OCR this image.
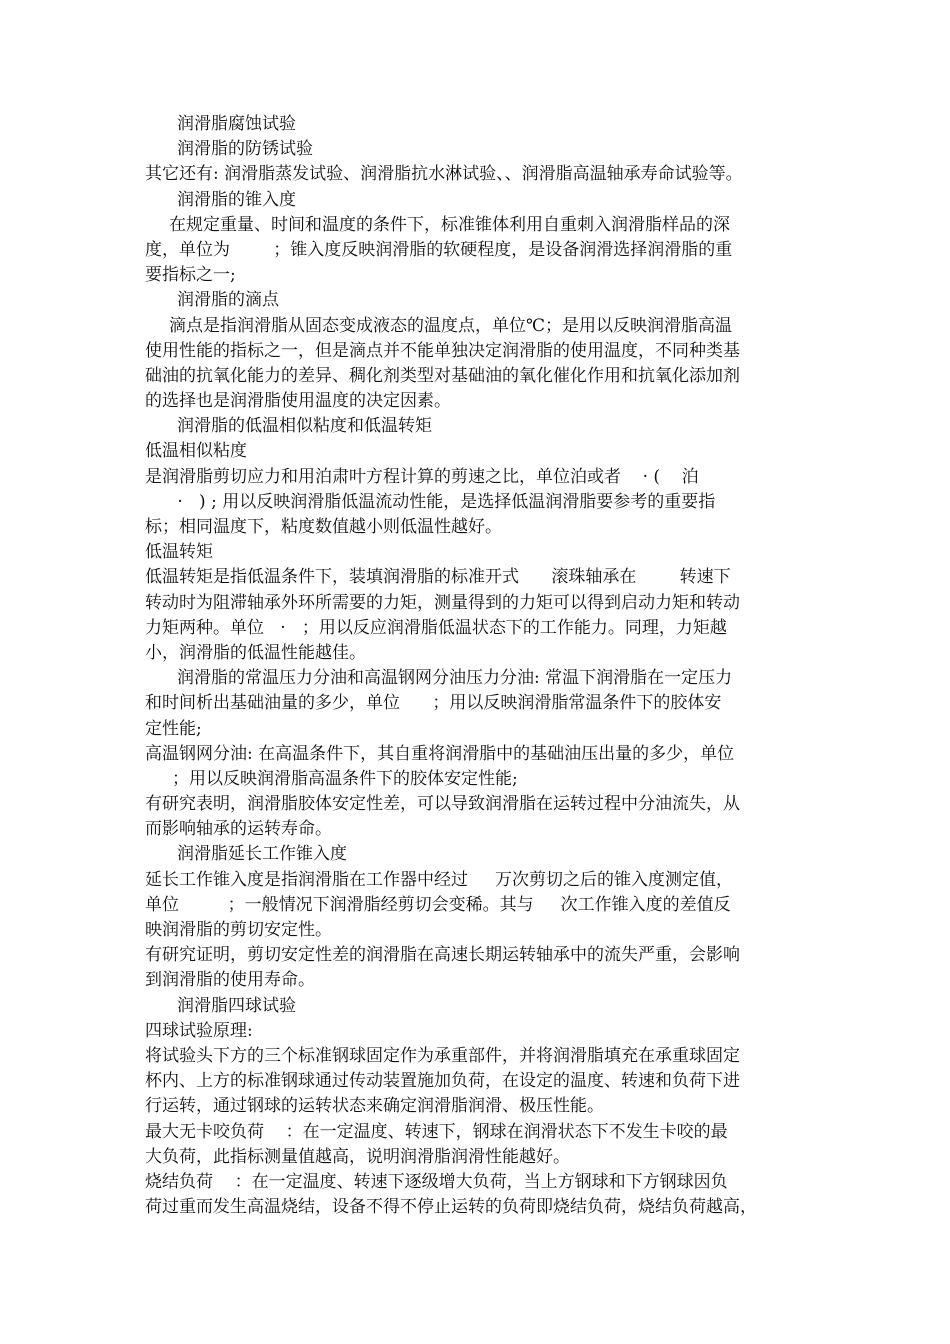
润滑脂腐蚀试验
润滑脂的防锈试验
其它还有: 润滑脂蒸发试验、润滑脂抗水淋试验、、润滑脂高温轴承寿命试验等。
润滑脂的锥入度
在规定重量、时间和温度的条件下，标准锥体利用自重刺入润滑脂样品的深
度，单位为        ；锥入度反映润滑脂的软硬程度，是设备润滑选择润滑脂的重
要指标之一;
润滑脂的滴点
滴点是指润滑脂从固态变成液态的温度点，单位℃；是用以反映润滑脂高温
使用性能的指标之一，但是滴点并不能单独决定润滑脂的使用温度，不同种类基
础油的抗氧化能力的差异、稠化剂类型对基础油的氧化催化作用和抗氧化添加剂
的选择也是润滑脂使用温度的决定因素。
润滑脂的低温相似粘度和低温转矩
低温相似粘度
是润滑脂剪切应力和用泊肃叶方程计算的剪速之比，单位泊或者    · (    泊
·   ) ; 用以反映润滑脂低温流动性能，是选择低温润滑脂要参考的重要指
标；相同温度下，粘度数值越小则低温性越好。
低温转矩
低温转矩是指低温条件下，装填润滑脂的标准开式      滚珠轴承在        转速下
转动时为阻滞轴承外环所需要的力矩，测量得到的力矩可以得到启动力矩和转动
力矩两种。单位   ·   ；用以反应润滑脂低温状态下的工作能力。同理，力矩越
小，润滑脂的低温性能越佳。
润滑脂的常温压力分油和高温钢网分油压力分油: 常温下润滑脂在一定压力
和时间析出基础油量的多少，单位      ；用以反映润滑脂常温条件下的胶体安
定性能;
高温钢网分油: 在高温条件下，其自重将润滑脂中的基础油压出量的多少，单位
；用以反映润滑脂高温条件下的胶体安定性能;
有研究表明，润滑脂胶体安定性差，可以导致润滑脂在运转过程中分油流失，从
而影响轴承的运转寿命。
润滑脂延长工作锥入度
延长工作锥入度是指润滑脂在工作器中经过     万次剪切之后的锥入度测定值，
单位         ；一般情况下润滑脂经剪切会变稀。其与     次工作锥入度的差值反
映润滑脂的剪切安定性。
有研究证明，剪切安定性差的润滑脂在高速长期运转轴承中的流失严重，会影响
到润滑脂的使用寿命。
润滑脂四球试验
四球试验原理:
将试验头下方的三个标准钢球固定作为承重部件，并将润滑脂填充在承重球固定
杯内、上方的标准钢球通过传动装置施加负荷，在设定的温度、转速和负荷下进
行运转，通过钢球的运转状态来确定润滑脂润滑、极压性能。
最大无卡咬负荷    ：在一定温度、转速下，钢球在润滑状态下不发生卡咬的最
大负荷，此指标测量值越高，说明润滑脂润滑性能越好。
烧结负荷    ：在一定温度、转速下逐级增大负荷，当上方钢球和下方钢球因负
荷过重而发生高温烧结，设备不得不停止运转的负荷即烧结负荷，烧结负荷越高，
